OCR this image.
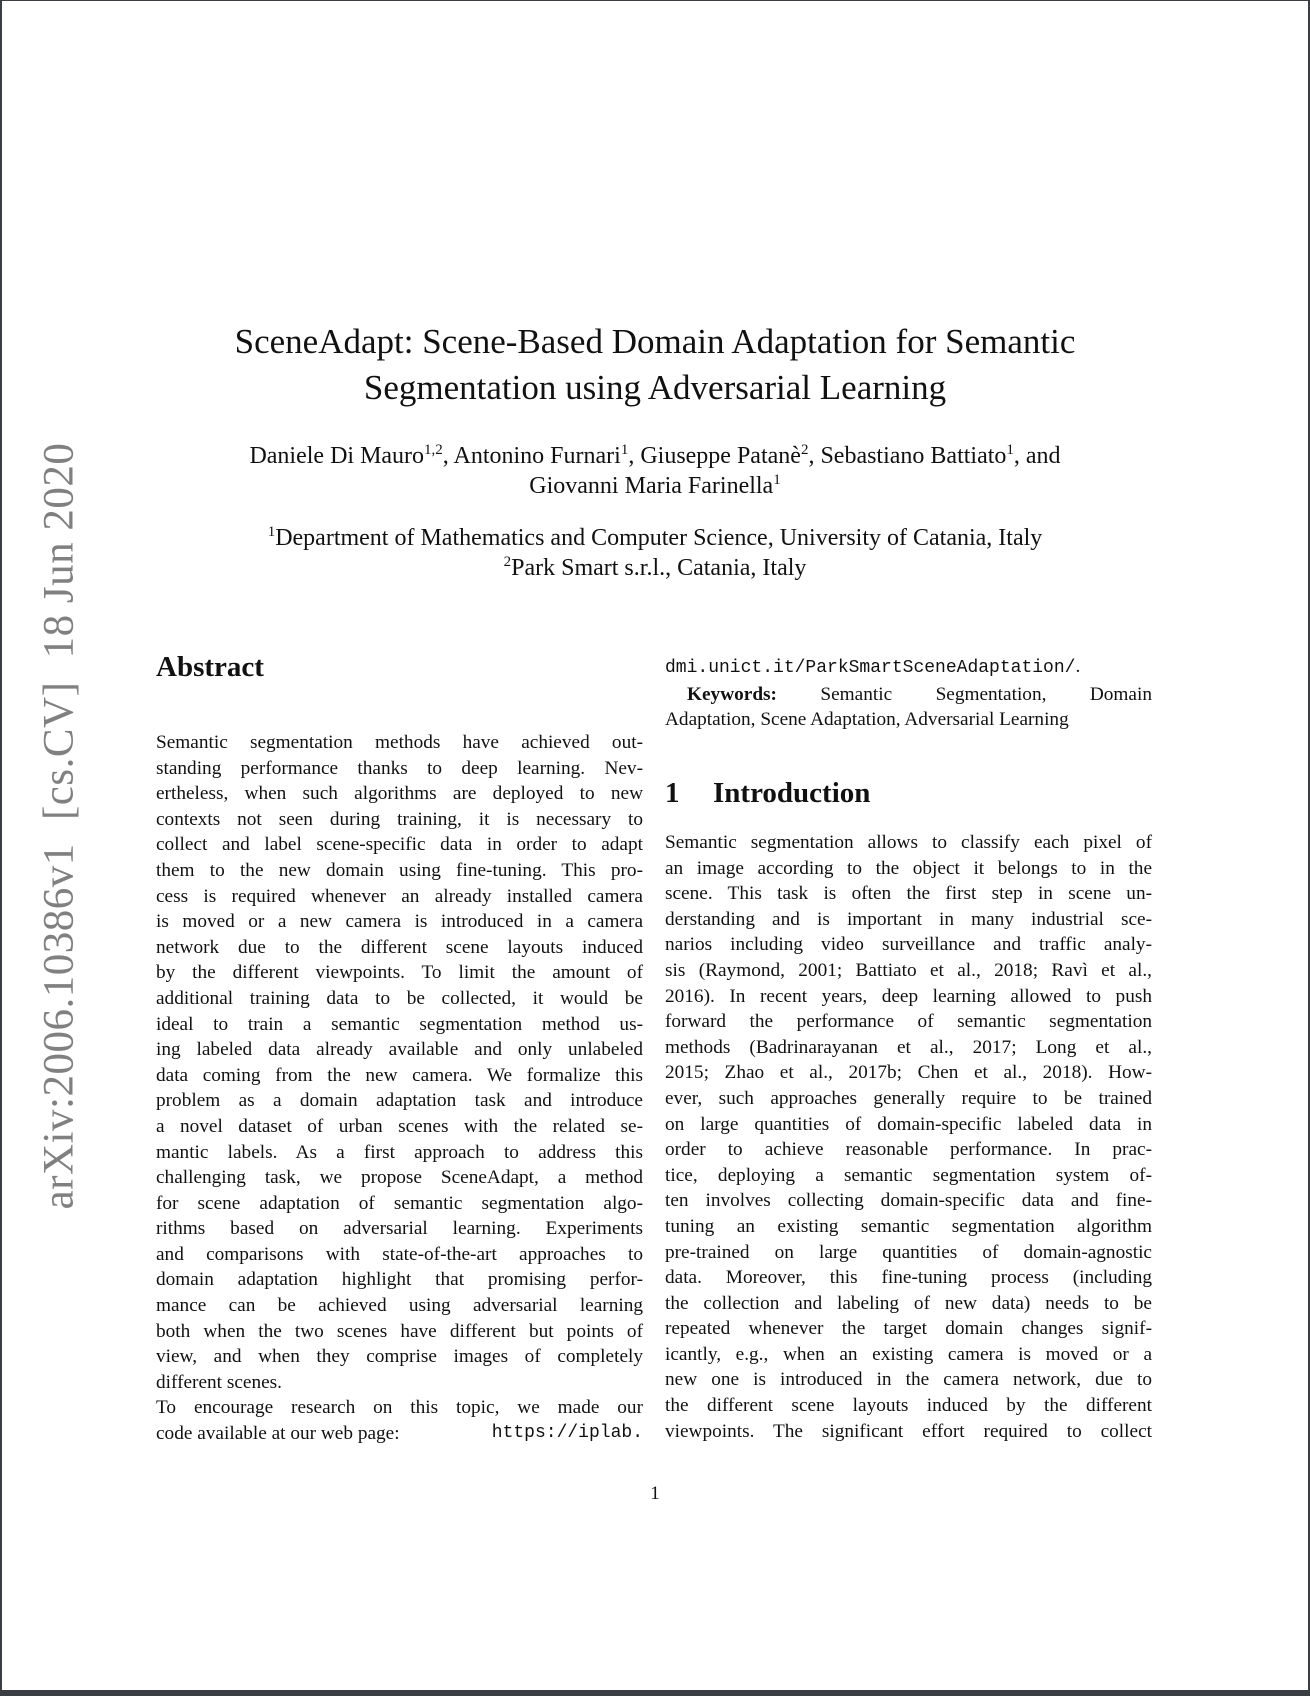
arXiv:2006.10386v1 [cs.CV] 18 Jun 2020
SceneAdapt: Scene-Based Domain Adaptation for Semantic
Segmentation using Adversarial Learning
Daniele Di Mauro$^{1,2}$, Antonino Furnari$^1$, Giuseppe Patanè$^2$, Sebastiano Battiato$^1$, and
Giovanni Maria Farinella$^1$
$^1$Department of Mathematics and Computer Science, University of Catania, Italy
$^2$Park Smart s.r.l., Catania, Italy
Abstract
Semantic segmentation methods have achieved out-
standing performance thanks to deep learning. Nev-
ertheless, when such algorithms are deployed to new
contexts not seen during training, it is necessary to
collect and label scene-specific data in order to adapt
them to the new domain using fine-tuning. This pro-
cess is required whenever an already installed camera
is moved or a new camera is introduced in a camera
network due to the different scene layouts induced
by the different viewpoints. To limit the amount of
additional training data to be collected, it would be
ideal to train a semantic segmentation method us-
ing labeled data already available and only unlabeled
data coming from the new camera. We formalize this
problem as a domain adaptation task and introduce
a novel dataset of urban scenes with the related se-
mantic labels. As a first approach to address this
challenging task, we propose SceneAdapt, a method
for scene adaptation of semantic segmentation algo-
rithms based on adversarial learning. Experiments
and comparisons with state-of-the-art approaches to
domain adaptation highlight that promising perfor-
mance can be achieved using adversarial learning
both when the two scenes have different but points of
view, and when they comprise images of completely
different scenes.
To encourage research on this topic, we made our
code available at our web page:	https://iplab.
dmi.unict.it/ParkSmartSceneAdaptation/.
Keywords: Semantic Segmentation, Domain
Adaptation, Scene Adaptation, Adversarial Learning
1 Introduction
Semantic segmentation allows to classify each pixel of
an image according to the object it belongs to in the
scene. This task is often the first step in scene un-
derstanding and is important in many industrial sce-
narios including video surveillance and traffic analy-
sis (Raymond, 2001; Battiato et al., 2018; Ravì et al.,
2016). In recent years, deep learning allowed to push
forward the performance of semantic segmentation
methods (Badrinarayanan et al., 2017; Long et al.,
2015; Zhao et al., 2017b; Chen et al., 2018). How-
ever, such approaches generally require to be trained
on large quantities of domain-specific labeled data in
order to achieve reasonable performance. In prac-
tice, deploying a semantic segmentation system of-
ten involves collecting domain-specific data and fine-
tuning an existing semantic segmentation algorithm
pre-trained on large quantities of domain-agnostic
data. Moreover, this fine-tuning process (including
the collection and labeling of new data) needs to be
repeated whenever the target domain changes signif-
icantly, e.g., when an existing camera is moved or a
new one is introduced in the camera network, due to
the different scene layouts induced by the different
viewpoints. The significant effort required to collect
1
